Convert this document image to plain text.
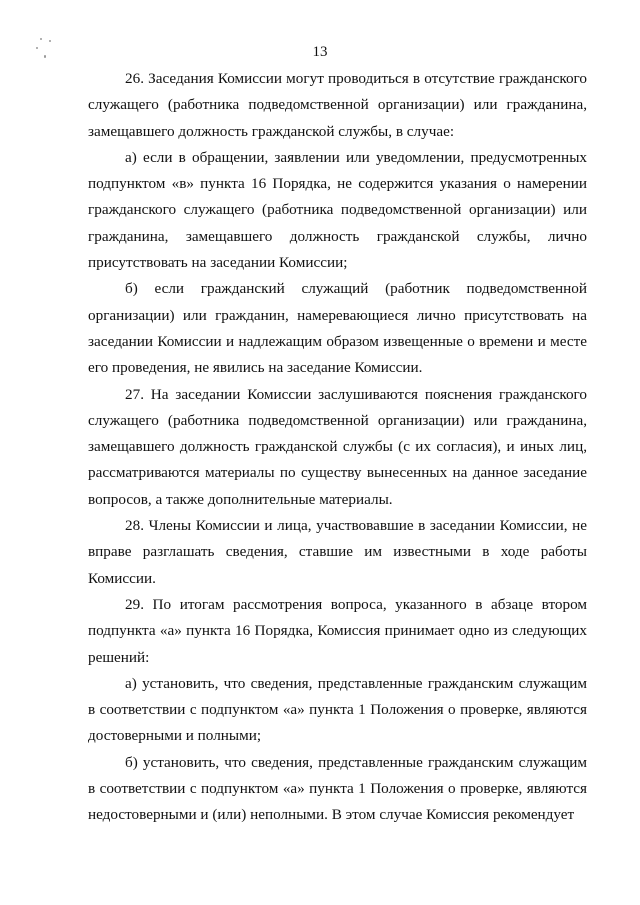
13

26. Заседания Комиссии могут проводиться в отсутствие гражданского служащего (работника подведомственной организации) или гражданина, замещавшего должность гражданской службы, в случае:

а) если в обращении, заявлении или уведомлении, предусмотренных подпунктом «в» пункта 16 Порядка, не содержится указания о намерении гражданского служащего (работника подведомственной организации) или гражданина, замещавшего должность гражданской службы, лично присутствовать на заседании Комиссии;

б) если гражданский служащий (работник подведомственной организации) или гражданин, намеревающиеся лично присутствовать на заседании Комиссии и надлежащим образом извещенные о времени и месте его проведения, не явились на заседание Комиссии.

27. На заседании Комиссии заслушиваются пояснения гражданского служащего (работника подведомственной организации) или гражданина, замещавшего должность гражданской службы (с их согласия), и иных лиц, рассматриваются материалы по существу вынесенных на данное заседание вопросов, а также дополнительные материалы.

28. Члены Комиссии и лица, участвовавшие в заседании Комиссии, не вправе разглашать сведения, ставшие им известными в ходе работы Комиссии.

29. По итогам рассмотрения вопроса, указанного в абзаце втором подпункта «а» пункта 16 Порядка, Комиссия принимает одно из следующих решений:

а) установить, что сведения, представленные гражданским служащим в соответствии с подпунктом «а» пункта 1 Положения о проверке, являются достоверными и полными;

б) установить, что сведения, представленные гражданским служащим в соответствии с подпунктом «а» пункта 1 Положения о проверке, являются недостоверными и (или) неполными. В этом случае Комиссия рекомендует
